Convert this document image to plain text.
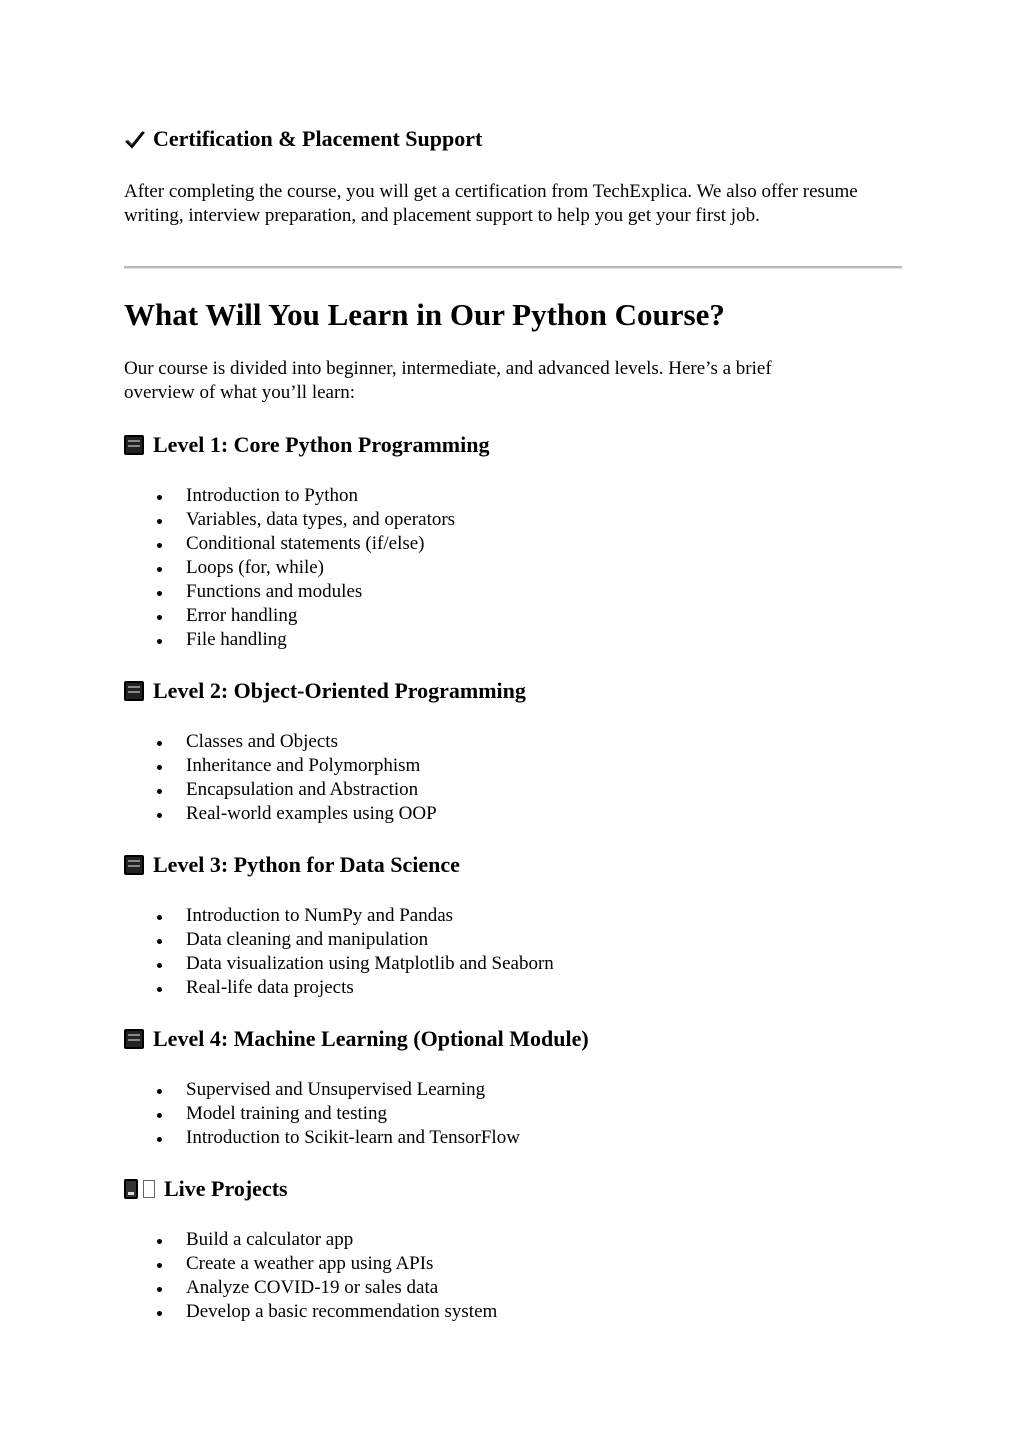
Certification & Placement Support

After completing the course, you will get a certification from TechExplica. We also offer resume writing, interview preparation, and placement support to help you get your first job.

What Will You Learn in Our Python Course?

Our course is divided into beginner, intermediate, and advanced levels. Here’s a brief overview of what you’ll learn:

Level 1: Core Python Programming
Introduction to Python
Variables, data types, and operators
Conditional statements (if/else)
Loops (for, while)
Functions and modules
Error handling
File handling
Level 2: Object-Oriented Programming
Classes and Objects
Inheritance and Polymorphism
Encapsulation and Abstraction
Real-world examples using OOP
Level 3: Python for Data Science
Introduction to NumPy and Pandas
Data cleaning and manipulation
Data visualization using Matplotlib and Seaborn
Real-life data projects
Level 4: Machine Learning (Optional Module)
Supervised and Unsupervised Learning
Model training and testing
Introduction to Scikit-learn and TensorFlow
Live Projects
Build a calculator app
Create a weather app using APIs
Analyze COVID-19 or sales data
Develop a basic recommendation system
